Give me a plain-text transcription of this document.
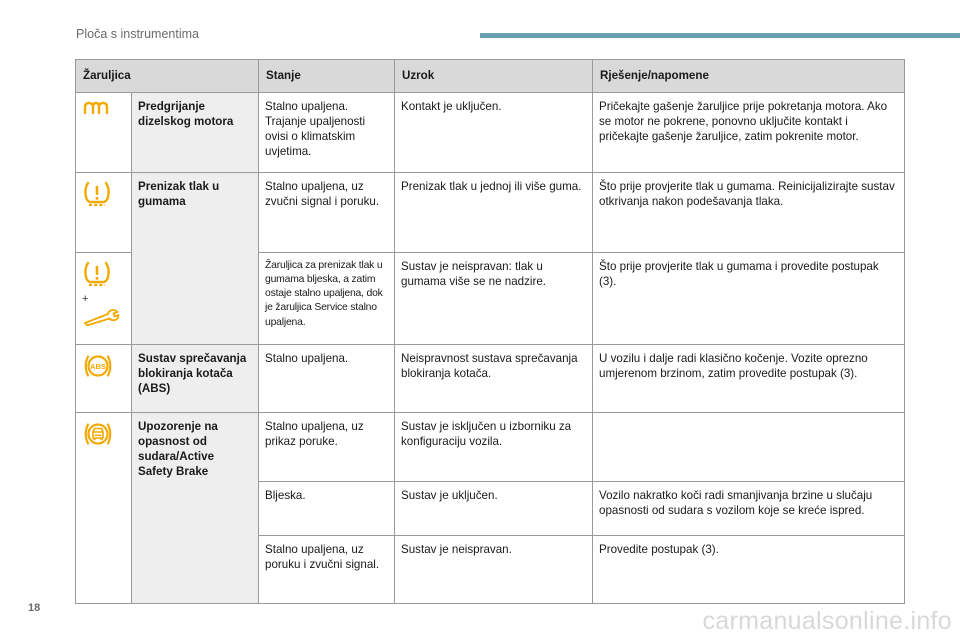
Ploča s instrumentima
Žaruljica		Stanje	Uzrok	Rješenje/napomene
	Predgrijanje dizelskog motora	Stalno upaljena. Trajanje upaljenosti ovisi o klimatskim uvjetima.	Kontakt je uključen.	Pričekajte gašenje žaruljice prije pokretanja motora. Ako se motor ne pokrene, ponovno uključite kontakt i pričekajte gašenje žaruljice, zatim pokrenite motor.
	Prenizak tlak u gumama	Stalno upaljena, uz zvučni signal i poruku.	Prenizak tlak u jednoj ili više guma.	Što prije provjerite tlak u gumama. Reinicijalizirajte sustav otkrivanja nakon podešavanja tlaka.

+		Žaruljica za prenizak tlak u gumama bljeska, a zatim ostaje stalno upaljena, dok je žaruljica Service stalno upaljena.	Sustav je neispravan: tlak u gumama više se ne nadzire.	Što prije provjerite tlak u gumama i provedite postupak (3).

ABS	Sustav sprečavanja blokiranja kotača (ABS)	Stalno upaljena.	Neispravnost sustava sprečavanja blokiranja kotača.	U vozilu i dalje radi klasično kočenje. Vozite oprezno umjerenom brzinom, zatim provedite postupak (3).
	Upozorenje na opasnost od sudara/Active Safety Brake	Stalno upaljena, uz prikaz poruke.	Sustav je isključen u izborniku za konfiguraciju vozila.	
		Bljeska.	Sustav je uključen.	Vozilo nakratko koči radi smanjivanja brzine u slučaju opasnosti od sudara s vozilom koje se kreće ispred.
		Stalno upaljena, uz poruku i zvučni signal.	Sustav je neispravan.	Provedite postupak (3).
18	carmanualsonline.info
